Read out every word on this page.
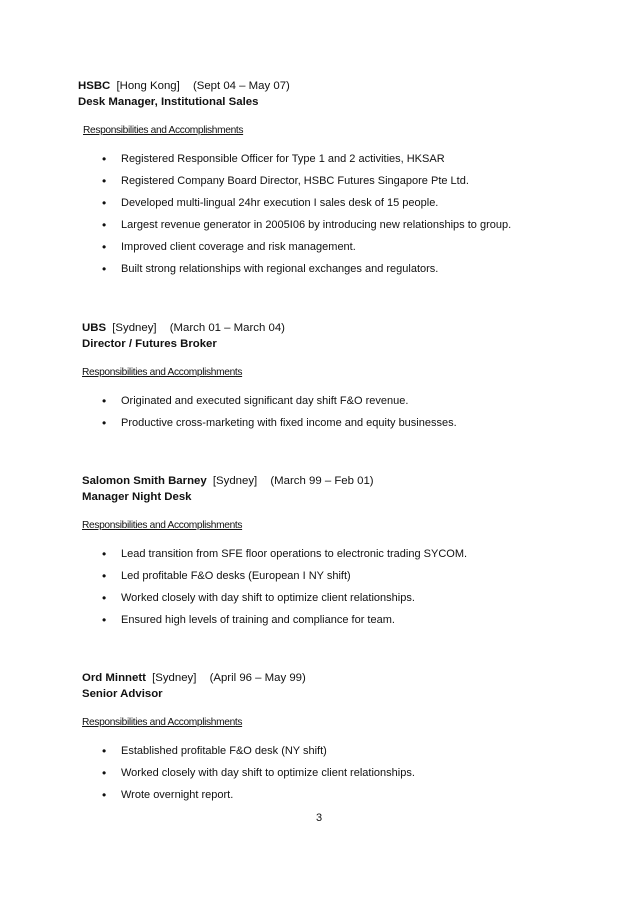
HSBC [Hong Kong] (Sept 04 – May 07)
Desk Manager, Institutional Sales
Responsibilities and Accomplishments
• Registered Responsible Officer for Type 1 and 2 activities, HKSAR
• Registered Company Board Director, HSBC Futures Singapore Pte Ltd.
• Developed multi-lingual 24hr execution I sales desk of 15 people.
• Largest revenue generator in 2005I06 by introducing new relationships to group.
• Improved client coverage and risk management.
• Built strong relationships with regional exchanges and regulators.
UBS [Sydney] (March 01 – March 04)
Director / Futures Broker
Responsibilities and Accomplishments
• Originated and executed significant day shift F&O revenue.
• Productive cross-marketing with fixed income and equity businesses.
Salomon Smith Barney [Sydney] (March 99 – Feb 01)
Manager Night Desk
Responsibilities and Accomplishments
• Lead transition from SFE floor operations to electronic trading SYCOM.
• Led profitable F&O desks (European I NY shift)
• Worked closely with day shift to optimize client relationships.
• Ensured high levels of training and compliance for team.
Ord Minnett [Sydney] (April 96 – May 99)
Senior Advisor
Responsibilities and Accomplishments
• Established profitable F&O desk (NY shift)
• Worked closely with day shift to optimize client relationships.
• Wrote overnight report.
3
